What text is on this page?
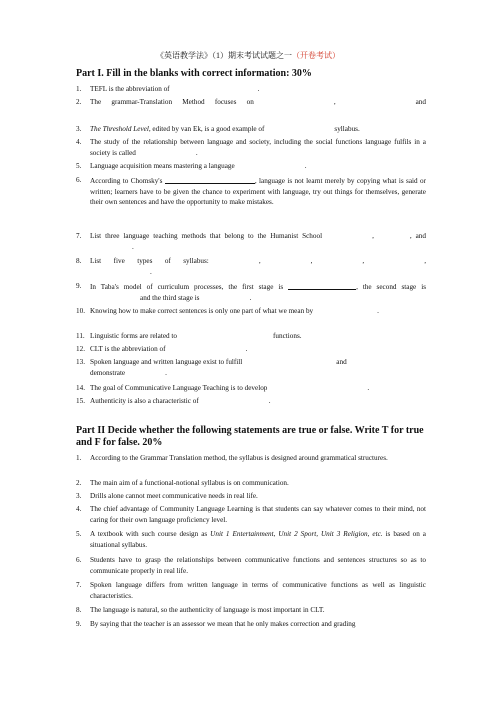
《英语教学法》（1）期末考试试题之一（开卷考试）
Part I. Fill in the blanks with correct information: 30%
1.	TEFL is the abbreviation of	.
2.	The grammar-Translation Method focuses on	,	and
3.	The Threshold Level, edited by van Ek, is a good example of	syllabus.
4.	The study of the relationship between language and society, including the social functions language fulfils in a society is called	.
5.	Language acquisition means mastering a language	.
6.	According to Chomsky's	, language is not learnt merely by copying what is said or written; learners have to be given the chance to experiment with language, try out things for themselves, generate their own sentences and have the opportunity to make mistakes.
7.	List three language teaching methods that belong to the Humanist School	,	, and.
8.	List five types of syllabus:	,	,	,	,.
9.	In Taba's model of curriculum processes, the first stage is	, the second stage isand the third stage is	.
10. Knowing how to make correct sentences is only one part of what we mean by	.
11. Linguistic forms are related to	functions.
12. CLT is the abbreviation of	.
13. Spoken language and written language exist to fulfill	and
demonstrate	.
14. The goal of Communicative Language Teaching is to develop	.
15. Authenticity is also a characteristic of	.
Part II Decide whether the following statements are true or false. Write T for true and F for false. 20%
1.	According to the Grammar Translation method, the syllabus is designed around grammatical structures.
2.	The main aim of a functional-notional syllabus is on communication.
3.	Drills alone cannot meet communicative needs in real life.
4.	The chief advantage of Community Language Learning is that students can say whatever comes to their mind, not caring for their own language proficiency level.
5.	A textbook with such course design as Unit 1 Entertainment, Unit 2 Sport, Unit 3 Religion, etc. is based on a situational syllabus.
6.	Students have to grasp the relationships between communicative functions and sentences structures so as to communicate properly in real life.
7.	Spoken language differs from written language in terms of communicative functions as well as linguistic characteristics.
8.	The language is natural, so the authenticity of language is most important in CLT.
9.	By saying that the teacher is an assessor we mean that he only makes correction and grading
